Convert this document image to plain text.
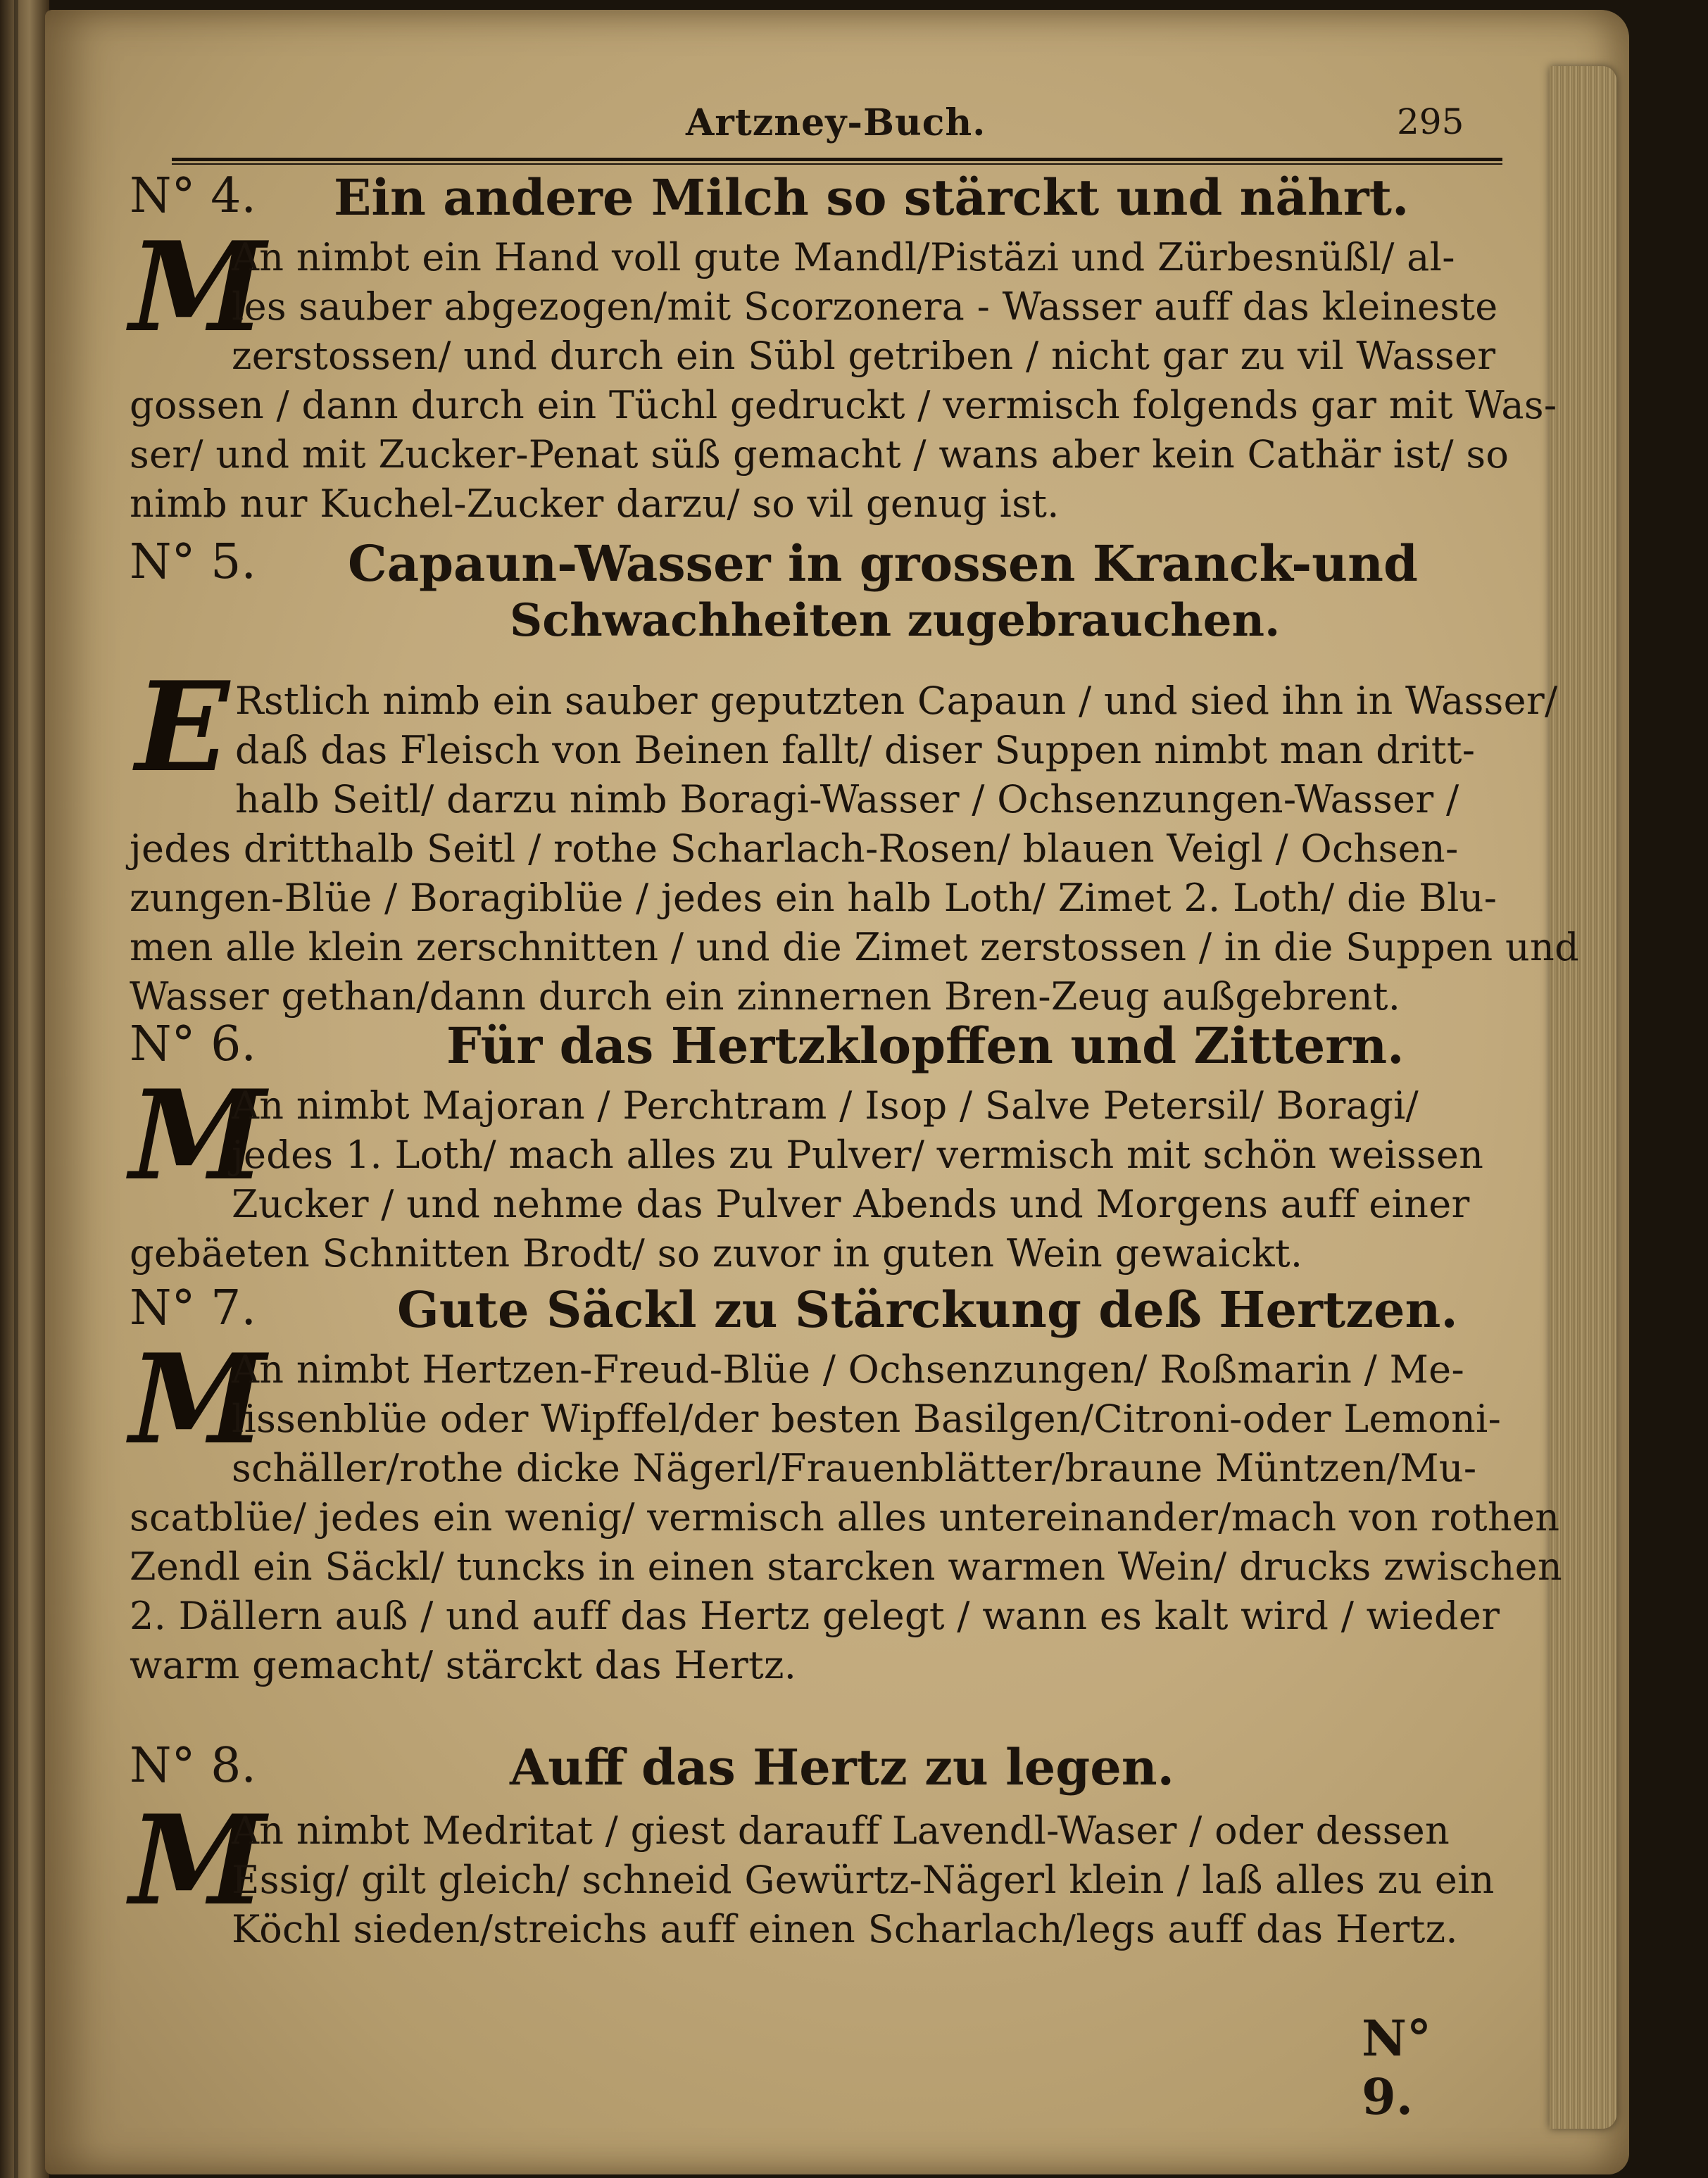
Artzney-Buch.	295
N° 4. Ein andere Milch so stärckt und nährt.
M
An nimbt ein Hand voll gute Mandl/Pistäzi und Zürbesnüßl/ al-
les sauber abgezogen/mit Scorzonera - Wasser auff das kleineste
zerstossen/ und durch ein Sübl getriben / nicht gar zu vil Wasser
gossen / dann durch ein Tüchl gedruckt / vermisch folgends gar mit Was-
ser/ und mit Zucker-Penat süß gemacht / wans aber kein Cathär ist/ so
nimb nur Kuchel-Zucker darzu/ so vil genug ist.
N° 5. Capaun-Wasser in grossen Kranck-und
Schwachheiten zugebrauchen.
E Rstlich nimb ein sauber geputzten Capaun / und sied ihn in Wasser/
daß das Fleisch von Beinen fallt/ diser Suppen nimbt man dritt-
halb Seitl/ darzu nimb Boragi-Wasser / Ochsenzungen-Wasser /
jedes dritthalb Seitl / rothe Scharlach-Rosen/ blauen Veigl / Ochsen-
zungen-Blüe / Boragiblüe / jedes ein halb Loth/ Zimet 2. Loth/ die Blu-
men alle klein zerschnitten / und die Zimet zerstossen / in die Suppen und
Wasser gethan/dann durch ein zinnernen Bren-Zeug außgebrent.
N° 6.	Für das Hertzklopffen und Zittern.
M
An nimbt Majoran / Perchtram / Isop / Salve Petersil/ Boragi/
jedes 1. Loth/ mach alles zu Pulver/ vermisch mit schön weissen
Zucker / und nehme das Pulver Abends und Morgens auff einer
gebäeten Schnitten Brodt/ so zuvor in guten Wein gewaickt.
N° 7.	Gute Säckl zu Stärckung deß Hertzen.
M
An nimbt Hertzen-Freud-Blüe / Ochsenzungen/ Roßmarin / Me-
lissenblüe oder Wipffel/der besten Basilgen/Citroni-oder Lemoni-
schäller/rothe dicke Nägerl/Frauenblätter/braune Müntzen/Mu-
scatblüe/ jedes ein wenig/ vermisch alles untereinander/mach von rothen
Zendl ein Säckl/ tuncks in einen starcken warmen Wein/ drucks zwischen
2. Dällern auß / und auff das Hertz gelegt / wann es kalt wird / wieder
warm gemacht/ stärckt das Hertz.
N° 8.	Auff das Hertz zu legen.
M
An nimbt Medritat / giest darauff Lavendl-Waser / oder dessen
Essig/ gilt gleich/ schneid Gewürtz-Nägerl klein / laß alles zu ein
Köchl sieden/streichs auff einen Scharlach/legs auff das Hertz.
N° 9.
